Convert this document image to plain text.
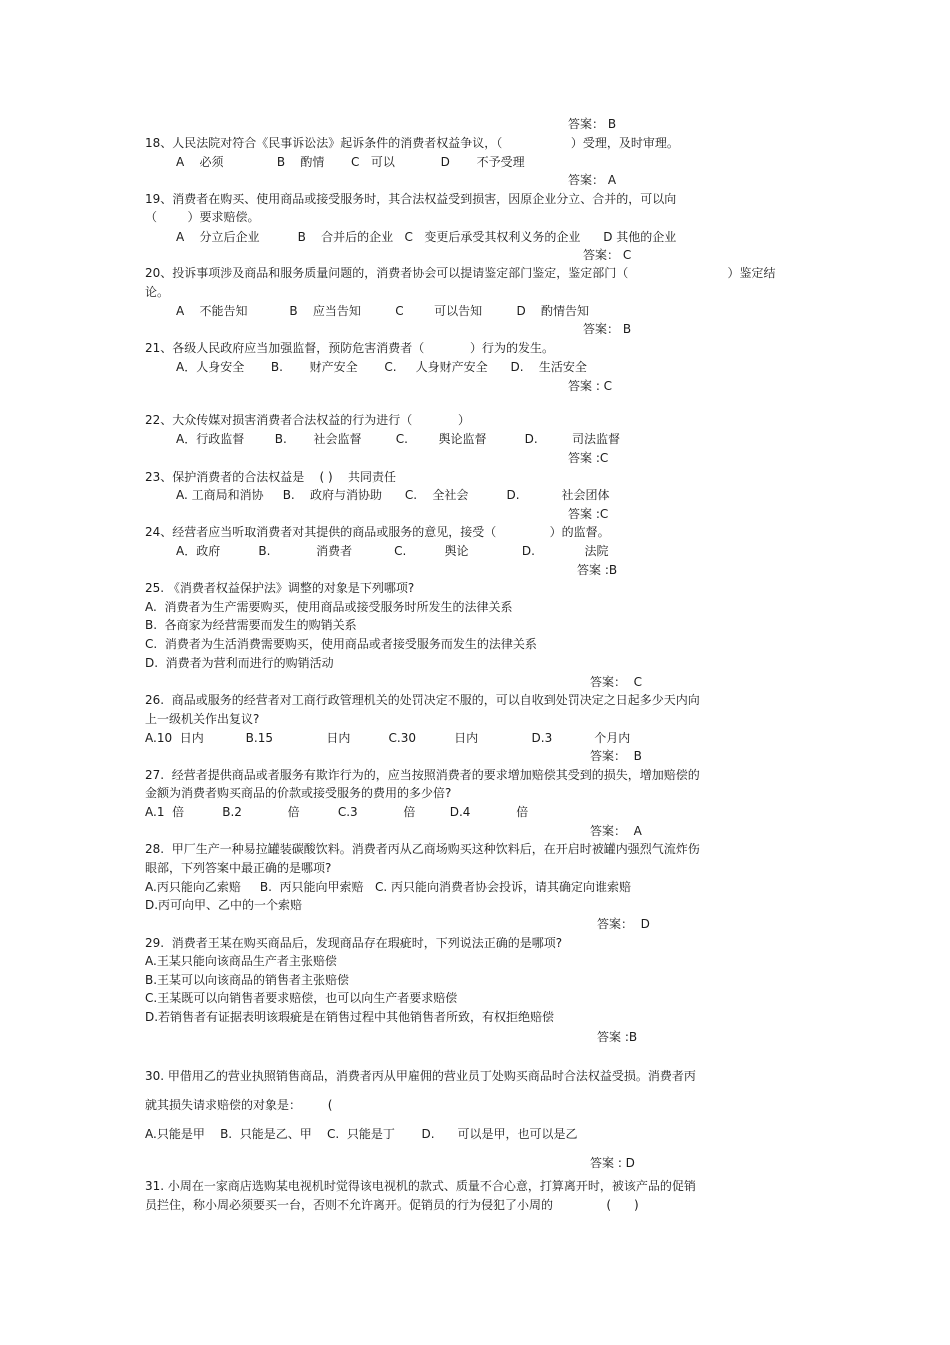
答案： B
18、人民法院对符合《民事诉讼法》起诉条件的消费者权益争议，（                  ）受理，及时审理。
A    必须              B    酌情       C   可以            D       不予受理
答案： A
19、消费者在购买、使用商品或接受服务时，其合法权益受到损害，因原企业分立、合并的，可以向
（        ）要求赔偿。
A    分立后企业          B    合并后的企业   C   变更后承受其权利义务的企业      D 其他的企业
答案： C
20、投诉事项涉及商品和服务质量问题的，消费者协会可以提请鉴定部门鉴定，鉴定部门（                          ）鉴定结
论。
A    不能告知           B    应当告知         C        可以告知         D    酌情告知
答案： B
21、各级人民政府应当加强监督，预防危害消费者（            ）行为的发生。
A．人身安全       B.       财产安全       C.     人身财产安全      D.    生活安全
答案 : C
22、大众传媒对损害消费者合法权益的行为进行（            ）
A．行政监督        B.       社会监督         C.        舆论监督          D.         司法监督
答案 :C
23、保护消费者的合法权益是    ( )    共同责任
A. 工商局和消协     B.    政府与消协助      C.    全社会          D.           社会团体
答案 :C
24、经营者应当听取消费者对其提供的商品或服务的意见，接受（              ）的监督。
A．政府          B.            消费者           C.          舆论              D.             法院
答案 :B
25. 《消费者权益保护法》调整的对象是下列哪项?
A.  消费者为生产需要购买，使用商品或接受服务时所发生的法律关系
B.  各商家为经营需要而发生的购销关系
C.  消费者为生活消费需要购买，使用商品或者接受服务而发生的法律关系
D.  消费者为营利而进行的购销活动
答案：  C
26.  商品或服务的经营者对工商行政管理机关的处罚决定不服的，可以自收到处罚决定之日起多少天内向
上一级机关作出复议?
A.10  日内           B.15              日内          C.30          日内              D.3           个月内
答案：  B
27.  经营者提供商品或者服务有欺诈行为的，应当按照消费者的要求增加赔偿其受到的损失，增加赔偿的
金额为消费者购买商品的价款或接受服务的费用的多少倍?
A.1  倍          B.2            倍          C.3            倍         D.4            倍
答案：  A
28.  甲厂生产一种易拉罐装碳酸饮料。消费者丙从乙商场购买这种饮料后，在开启时被罐内强烈气流炸伤
眼部，下列答案中最正确的是哪项?
A.丙只能向乙索赔     B.  丙只能向甲索赔   C. 丙只能向消费者协会投诉，请其确定向谁索赔
D.丙可向甲、乙中的一个索赔
答案：  D
29.  消费者王某在购买商品后，发现商品存在瑕疵时，下列说法正确的是哪项?
A.王某只能向该商品生产者主张赔偿
B.王某可以向该商品的销售者主张赔偿
C.王某既可以向销售者要求赔偿，也可以向生产者要求赔偿
D.若销售者有证据表明该瑕疵是在销售过程中其他销售者所致，有权拒绝赔偿
答案 :B
30. 甲借用乙的营业执照销售商品，消费者丙从甲雇佣的营业员丁处购买商品时合法权益受损。消费者丙
就其损失请求赔偿的对象是：       (
A.只能是甲    B.  只能是乙、甲    C.  只能是丁       D.      可以是甲，也可以是乙
答案 : D
31. 小周在一家商店选购某电视机时觉得该电视机的款式、质量不合心意，打算离开时，被该产品的促销
员拦住，称小周必须要买一台，否则不允许离开。促销员的行为侵犯了小周的              (      )
